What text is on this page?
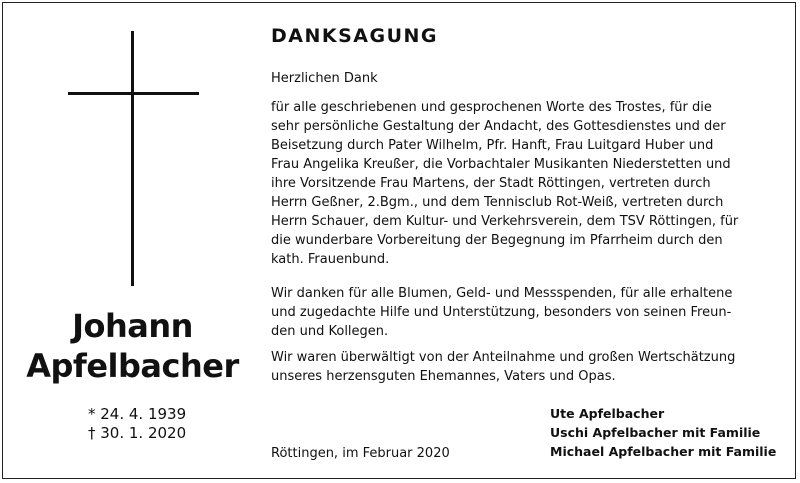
Johann
Apfelbacher
* 24. 4. 1939
† 30. 1. 2020
DANKSAGUNG
Herzlichen Dank
für alle geschriebenen und gesprochenen Worte des Trostes, für die
sehr persönliche Gestaltung der Andacht, des Gottesdienstes und der
Beisetzung durch Pater Wilhelm, Pfr. Hanft, Frau Luitgard Huber und
Frau Angelika Kreußer, die Vorbachtaler Musikanten Niederstetten und
ihre Vorsitzende Frau Martens, der Stadt Röttingen, vertreten durch
Herrn Geßner, 2.Bgm., und dem Tennisclub Rot-Weiß, vertreten durch
Herrn Schauer, dem Kultur- und Verkehrsverein, dem TSV Röttingen, für
die wunderbare Vorbereitung der Begegnung im Pfarrheim durch den
kath. Frauenbund.
Wir danken für alle Blumen, Geld- und Messspenden, für alle erhaltene
und zugedachte Hilfe und Unterstützung, besonders von seinen Freun-
den und Kollegen.
Wir waren überwältigt von der Anteilnahme und großen Wertschätzung
unseres herzensguten Ehemannes, Vaters und Opas.
Röttingen, im Februar 2020
Ute Apfelbacher
Uschi Apfelbacher mit Familie
Michael Apfelbacher mit Familie
